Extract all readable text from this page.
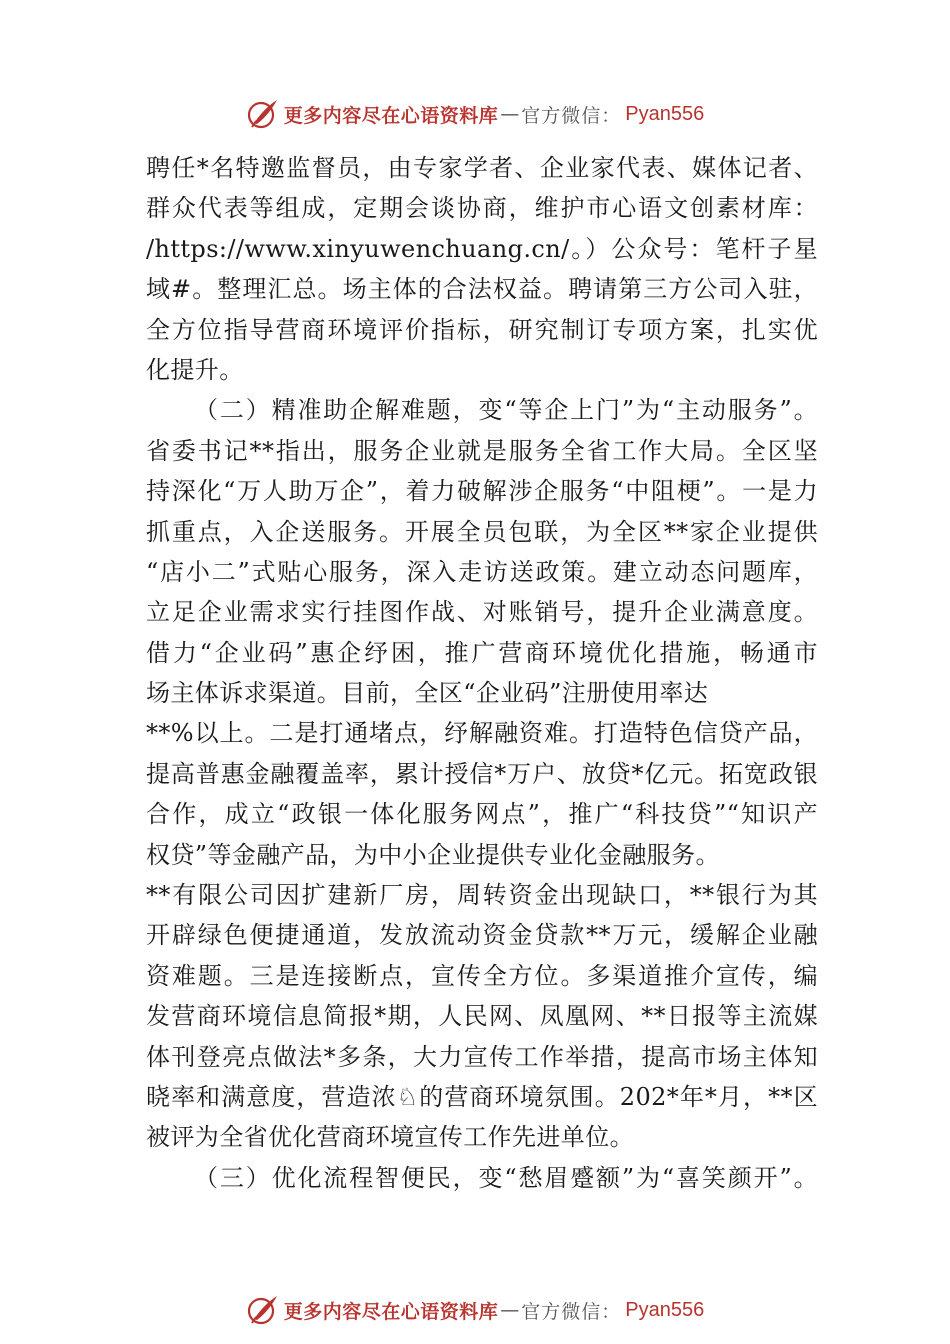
更多内容尽在心语资料库 — 官方微信： Pyan556
聘任*名特邀监督员，由专家学者、企业家代表、媒体记者、
群众代表等组成，定期会谈协商，维护市心语文创素材库：
/https://www.xinyuwenchuang.cn/。）公众号：笔杆子星
域#。整理汇总。场主体的合法权益。聘请第三方公司入驻，
全方位指导营商环境评价指标，研究制订专项方案，扎实优
化提升。
（二）精准助企解难题，变“等企上门”为“主动服务”。
省委书记**指出，服务企业就是服务全省工作大局。全区坚
持深化“万人助万企”，着力破解涉企服务“中阻梗”。一是力
抓重点，入企送服务。开展全员包联，为全区**家企业提供
“店小二”式贴心服务，深入走访送政策。建立动态问题库，
立足企业需求实行挂图作战、对账销号，提升企业满意度。
借力“企业码”惠企纾困，推广营商环境优化措施，畅通市
场主体诉求渠道。目前，全区“企业码”注册使用率达
**%以上。二是打通堵点，纾解融资难。打造特色信贷产品，
提高普惠金融覆盖率，累计授信*万户、放贷*亿元。拓宽政银
合作，成立“政银一体化服务网点”，推广“科技贷”“知识产
权贷”等金融产品，为中小企业提供专业化金融服务。
**有限公司因扩建新厂房，周转资金出现缺口，**银行为其
开辟绿色便捷通道，发放流动资金贷款**万元，缓解企业融
资难题。三是连接断点，宣传全方位。多渠道推介宣传，编
发营商环境信息简报*期，人民网、凤凰网、**日报等主流媒
体刊登亮点做法*多条，大力宣传工作举措，提高市场主体知
晓率和满意度，营造浓♘的营商环境氛围。202*年*月，**区
被评为全省优化营商环境宣传工作先进单位。
（三）优化流程智便民，变“愁眉蹙额”为“喜笑颜开”。
更多内容尽在心语资料库 — 官方微信： Pyan556
